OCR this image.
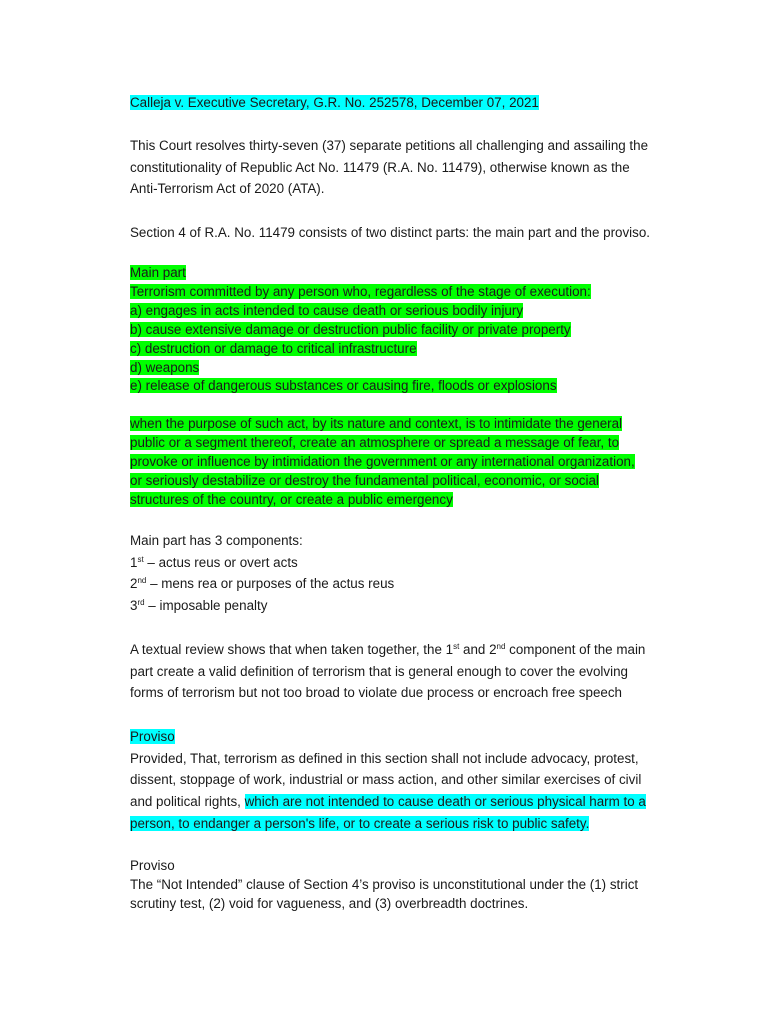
Calleja v. Executive Secretary, G.R. No. 252578, December 07, 2021

This Court resolves thirty-seven (37) separate petitions all challenging and assailing the

constitutionality of Republic Act No. 11479 (R.A. No. 11479), otherwise known as the

Anti-Terrorism Act of 2020 (ATA).

Section 4 of R.A. No. 11479 consists of two distinct parts: the main part and the proviso.

Main part

Terrorism committed by any person who, regardless of the stage of execution:

a) engages in acts intended to cause death or serious bodily injury

b) cause extensive damage or destruction public facility or private property

c) destruction or damage to critical infrastructure

d) weapons

e) release of dangerous substances or causing fire, floods or explosions

when the purpose of such act, by its nature and context, is to intimidate the general

public or a segment thereof, create an atmosphere or spread a message of fear, to

provoke or influence by intimidation the government or any international organization,

or seriously destabilize or destroy the fundamental political, economic, or social

structures of the country, or create a public emergency

Main part has 3 components:

1st – actus reus or overt acts

2nd – mens rea or purposes of the actus reus

3rd – imposable penalty

A textual review shows that when taken together, the 1st and 2nd component of the main

part create a valid definition of terrorism that is general enough to cover the evolving

forms of terrorism but not too broad to violate due process or encroach free speech

Proviso

Provided, That, terrorism as defined in this section shall not include advocacy, protest,

dissent, stoppage of work, industrial or mass action, and other similar exercises of civil

and political rights, which are not intended to cause death or serious physical harm to a

person, to endanger a person's life, or to create a serious risk to public safety.

Proviso

The “Not Intended” clause of Section 4’s proviso is unconstitutional under the (1) strict

scrutiny test, (2) void for vagueness, and (3) overbreadth doctrines.
